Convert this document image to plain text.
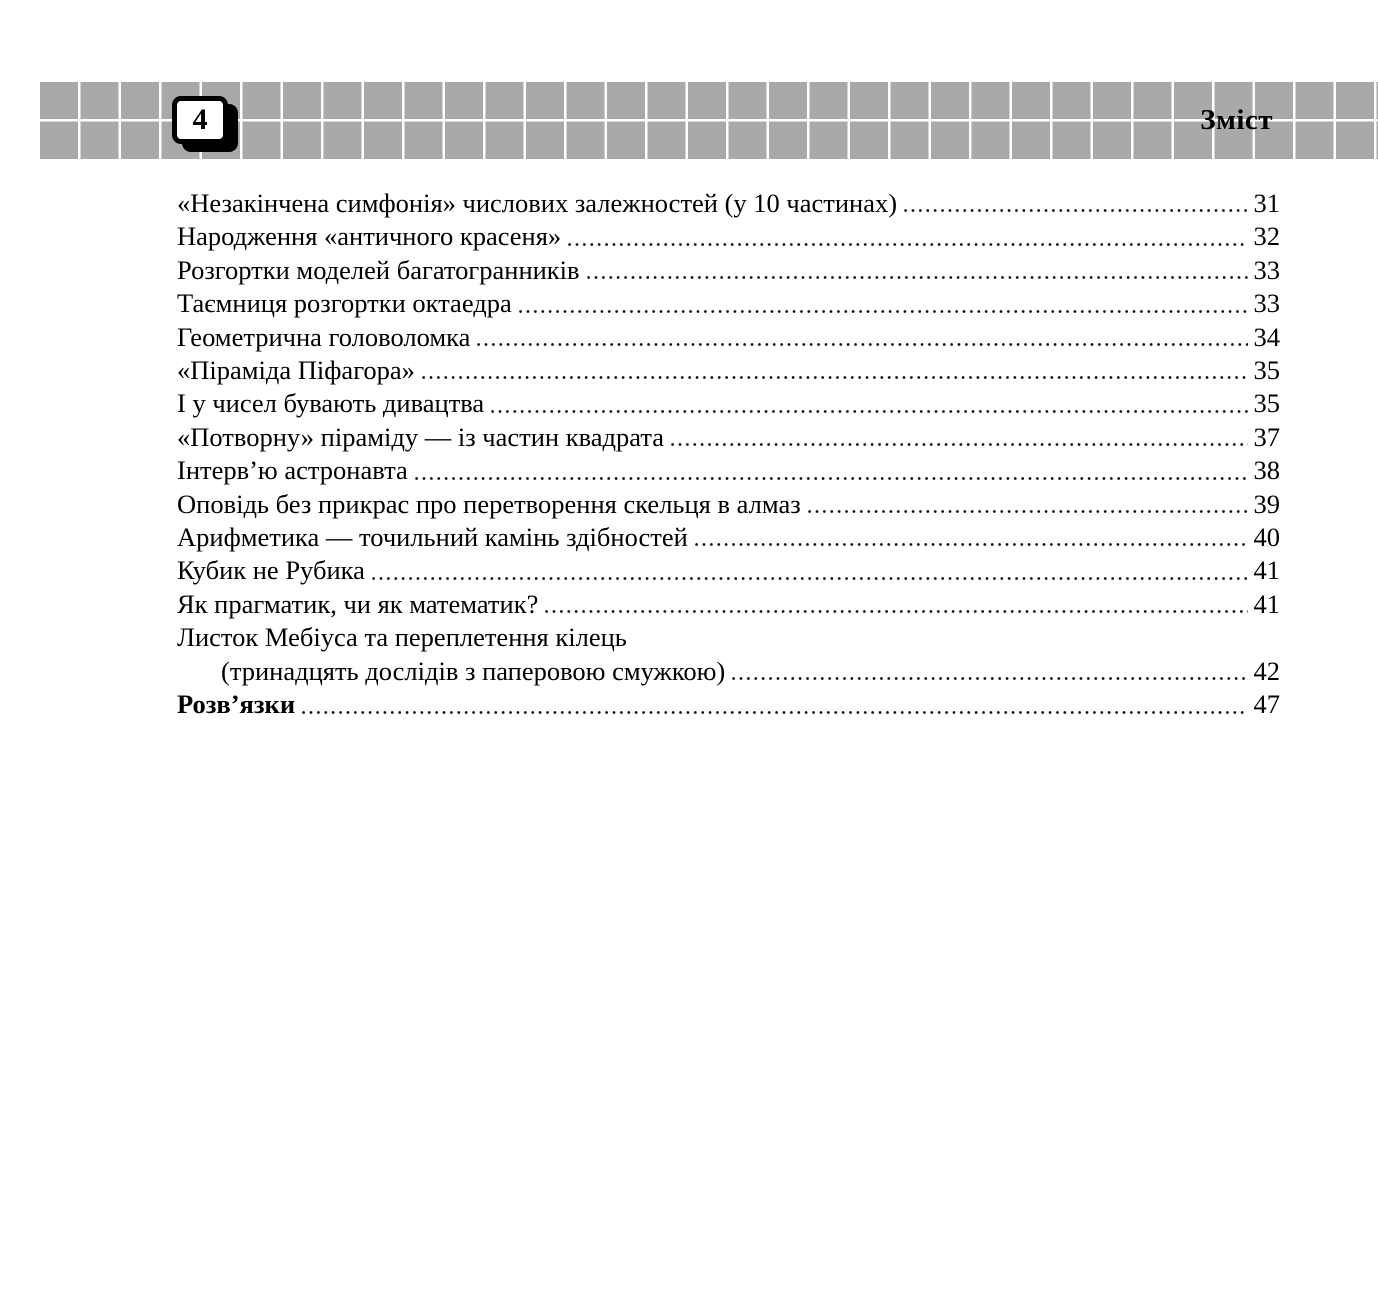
4	Зміст
«Незакінчена симфонія» числових залежностей (у 10 частинах)	31
Народження «античного красеня»	32
Розгортки моделей багатогранників	33
Таємниця розгортки октаедра	33
Геометрична головоломка	34
«Піраміда Піфагора»	35
І у чисел бувають дивацтва	35
«Потворну» піраміду — із частин квадрата	37
Інтерв’ю астронавта	38
Оповідь без прикрас про перетворення скельця в алмаз	39
Арифметика — точильний камінь здібностей	40
Кубик не Рубика	41
Як прагматик, чи як математик?	41
Листок Мебіуса та переплетення кілець
(тринадцять дослідів з паперовою смужкою)	42
Розв’язки	47
